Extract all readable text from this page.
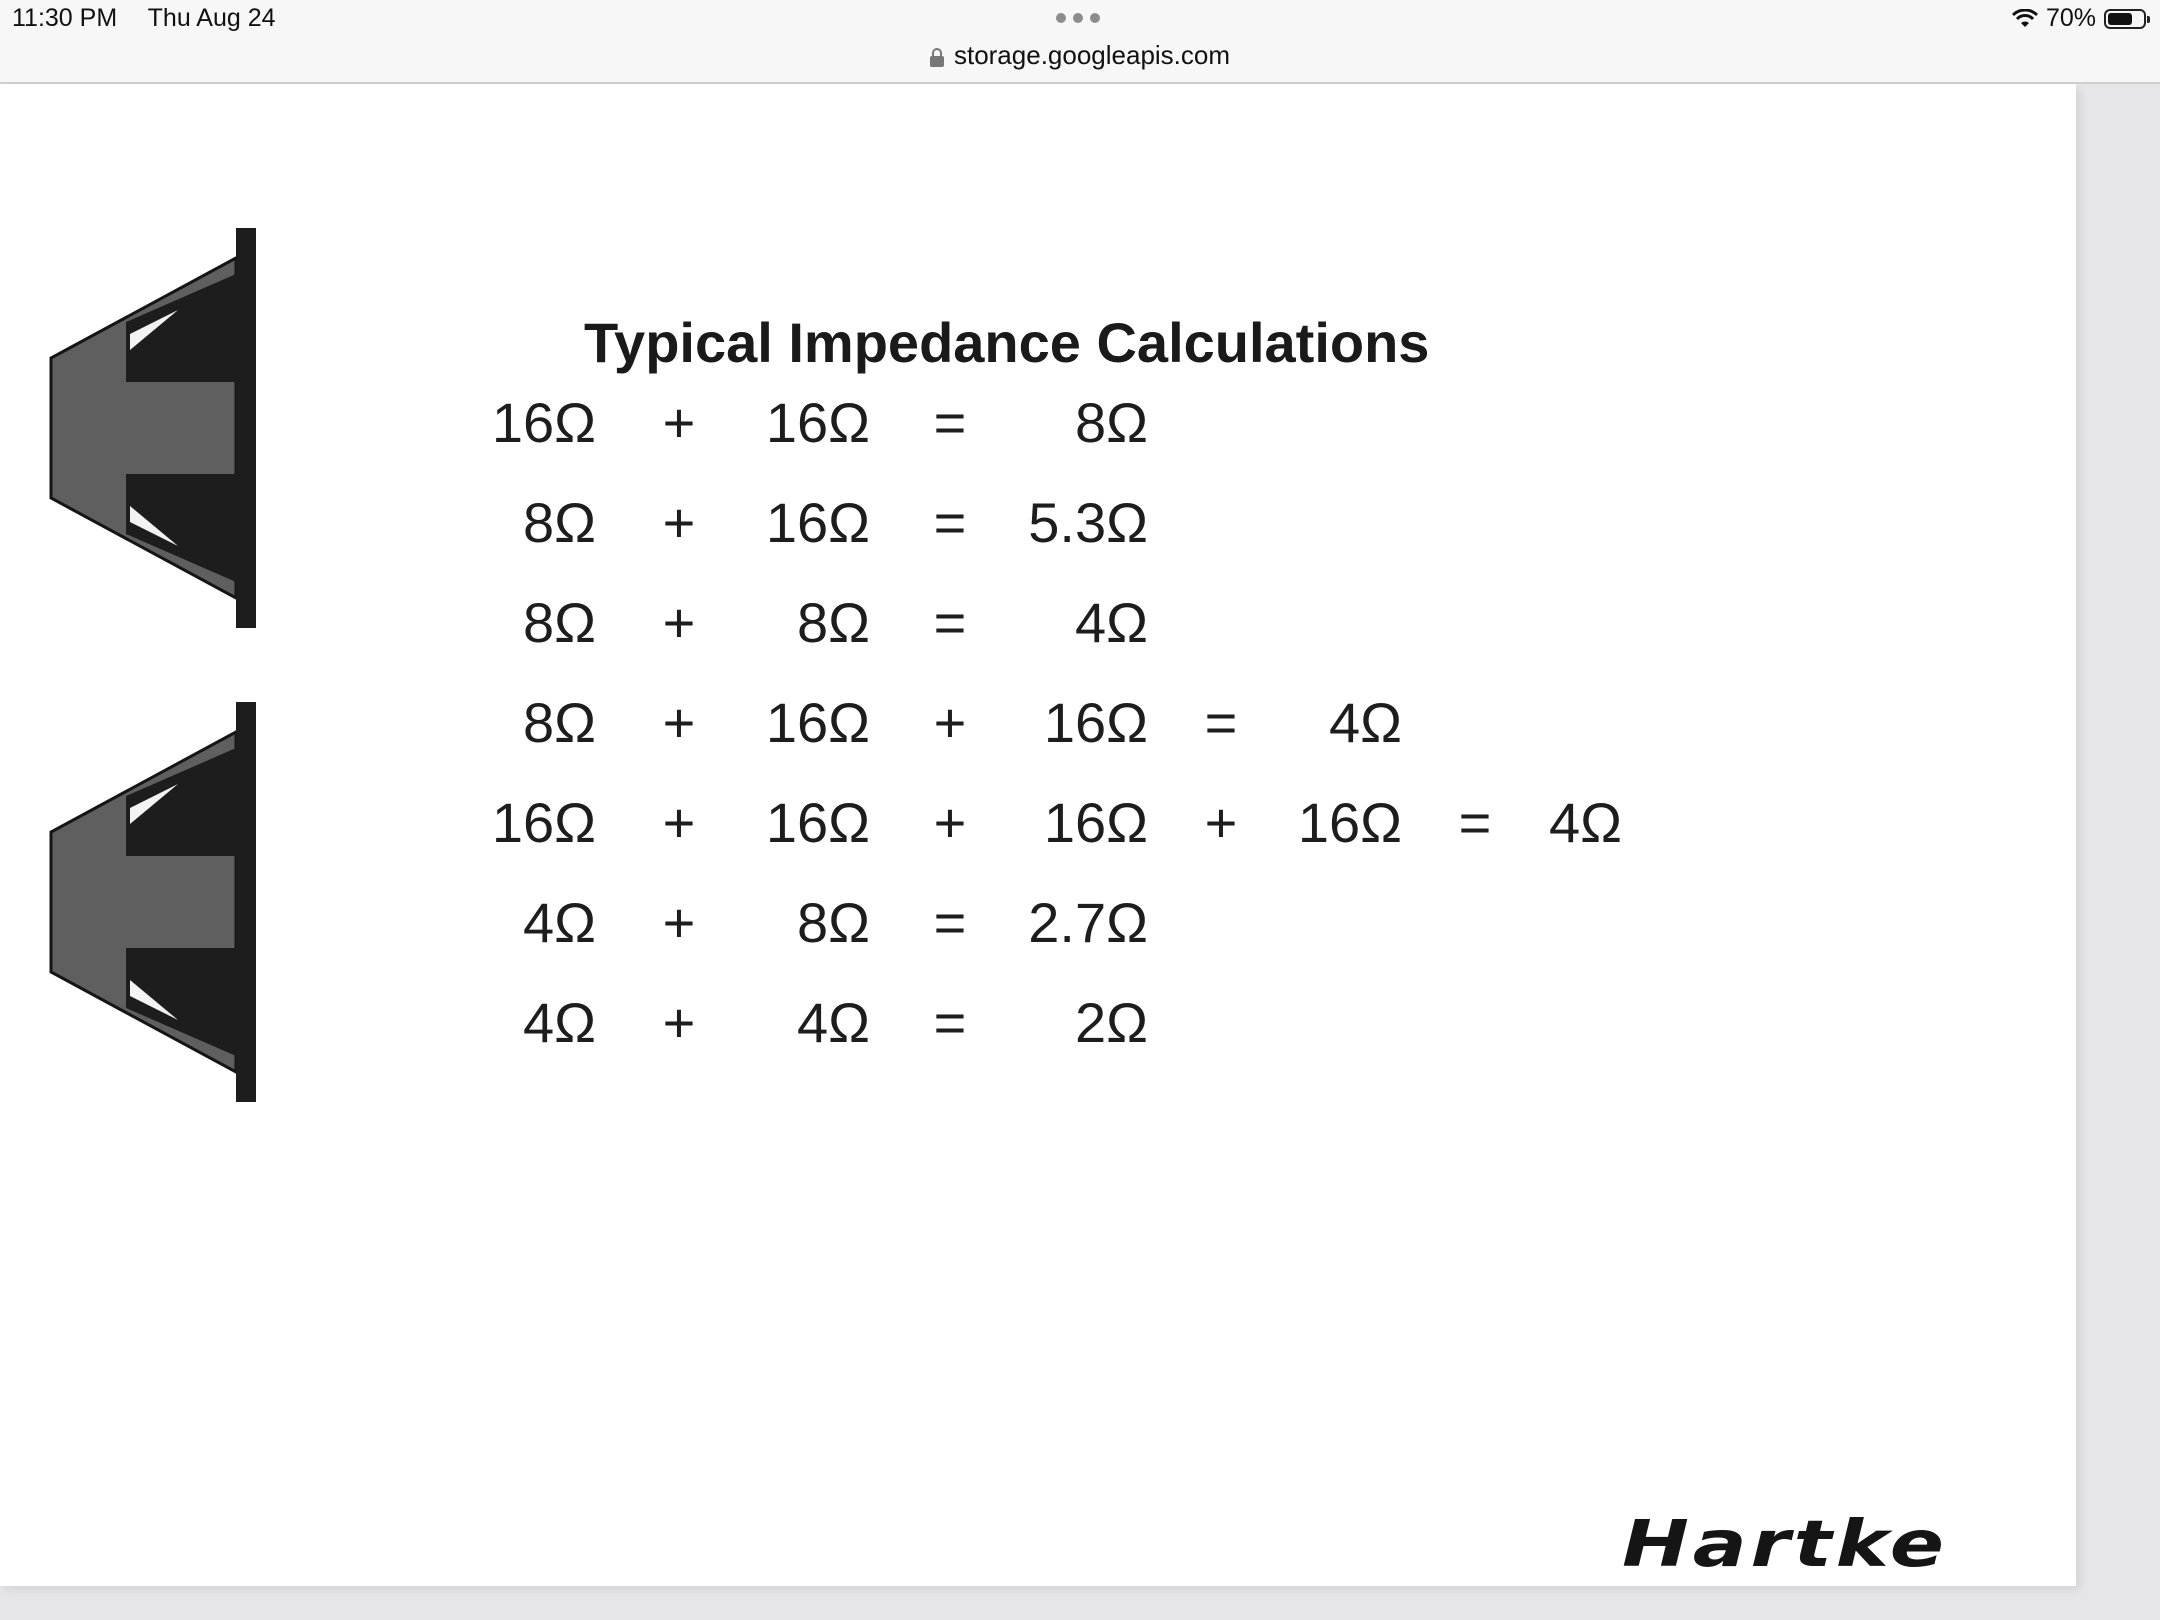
11:30 PM Thu Aug 24
storage.googleapis.com
70%
Typical Impedance Calculations
16Ω +	16Ω =	8Ω
8Ω +	16Ω =	5.3Ω
8Ω +	8Ω =	4Ω
8Ω +	16Ω +	16Ω =	4Ω
16Ω +	16Ω +	16Ω +	16Ω =	4Ω
4Ω +	8Ω =	2.7Ω
4Ω +	4Ω =	2Ω
Hartke
